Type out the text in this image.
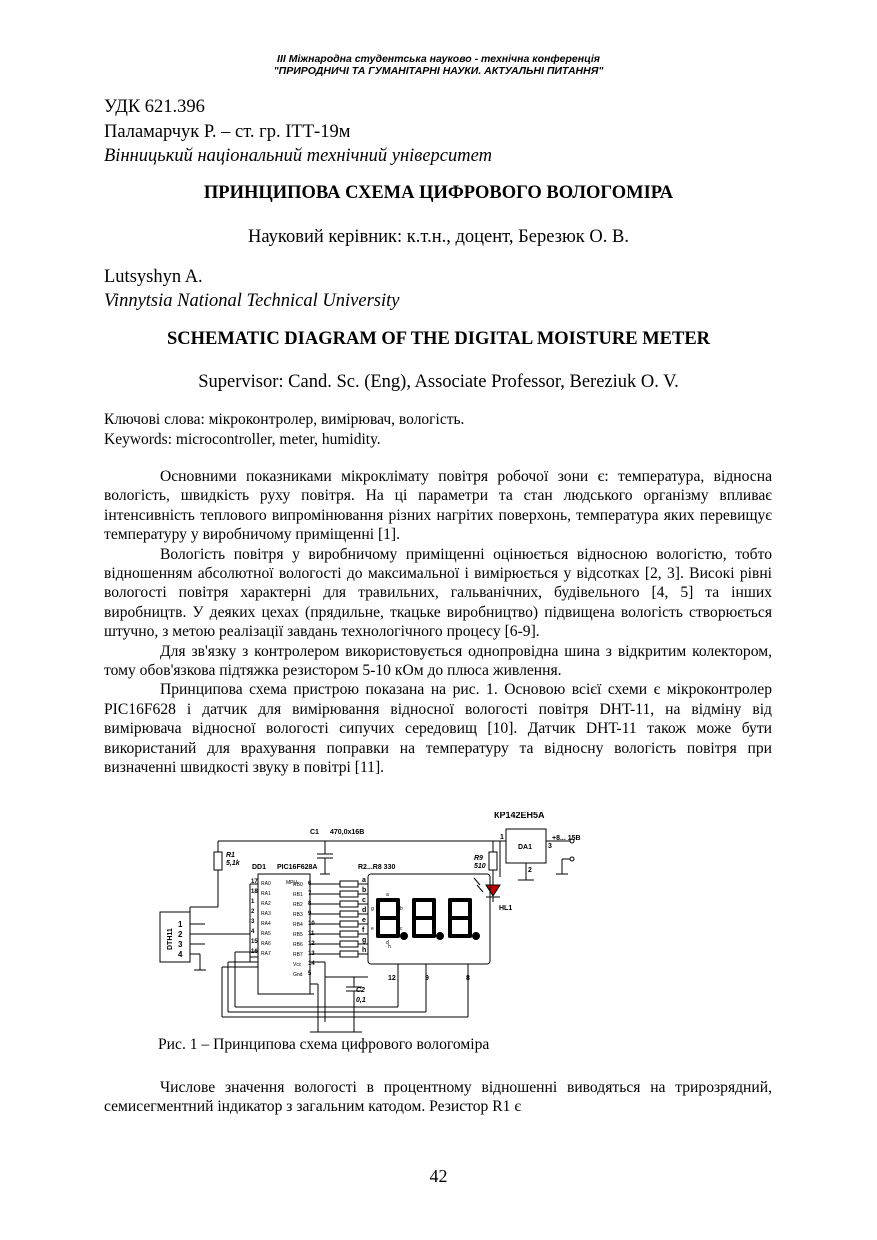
III Міжнародна студентська науково - технічна конференція
"ПРИРОДНИЧІ ТА ГУМАНІТАРНІ НАУКИ. АКТУАЛЬНІ ПИТАННЯ"
УДК 621.396
Паламарчук Р. – ст. гр. ІТТ-19м
Вінницький національний технічний університет
ПРИНЦИПОВА СХЕМА ЦИФРОВОГО ВОЛОГОМІРА
Науковий керівник: к.т.н., доцент, Березюк О. В.
Lutsyshyn A.
Vinnytsia National Technical University
SCHEMATIC DIAGRAM OF THE DIGITAL MOISTURE METER
Supervisor: Cand. Sc. (Eng), Associate Professor, Bereziuk O. V.
Ключові слова: мікроконтролер, вимірювач, вологість.
Keywords: microcontroller, meter, humidity.

Основними показниками мікроклімату повітря робочої зони є: температура, відносна вологість, швидкість руху повітря. На ці параметри та стан людського організму впливає інтенсивність теплового випромінювання різних нагрітих поверхонь, температура яких перевищує температуру у виробничому приміщенні [1].

Вологість повітря у виробничому приміщенні оцінюється відносною вологістю, тобто відношенням абсолютної вологості до максимальної і вимірюється у відсотках [2, 3]. Високі рівні вологості повітря характерні для травильних, гальванічних, будівельного [4, 5] та інших виробництв. У деяких цехах (прядильне, ткацьке виробництво) підвищена вологість створюється штучно, з метою реалізації завдань технологічного процесу [6-9].

Для зв'язку з контролером використовується однопровідна шина з відкритим колектором, тому обов'язкова підтяжка резистором 5-10 кОм до плюса живлення.

Принципова схема пристрою показана на рис. 1. Основою всієї схеми є мікроконтролер PIC16F628 і датчик для вимірювання відносної вологості повітря DHT-11, на відміну від вимірювача відносної вологості сипучих середовищ [10]. Датчик DHT-11 також може бути використаний для врахування поправки на температуру та відносну вологість повітря при визначенні швидкості звуку в повітрі [11].

C1 470,0x16В
КР142ЕН5А
R1
5,1k
DD1 PIC16F628A	R2...R8 330
R9
510
DA1
+8... 15В
1
3
2
HL1
DTH11
1
2
3
4
MPU
C2
0,1
12	9	8
17 RA0
18 RA1
1 RA2
2 RA3
3 RA4
4 RA5
15 RA6
16 RA7
RB0 6
RB1 7
RB2 8
RB3 9
RB4 10
RB5 11
RB6 12
RB7 13
Vcc 14
Gnd 5
a
b
c
d
e
f
g
h
a
b
c
d
e
g
h
Рис. 1 – Принципова схема цифрового вологоміра

Числове значення вологості в процентному відношенні виводяться на трирозрядний, семисегментний індикатор з загальним катодом. Резистор R1 є

42
